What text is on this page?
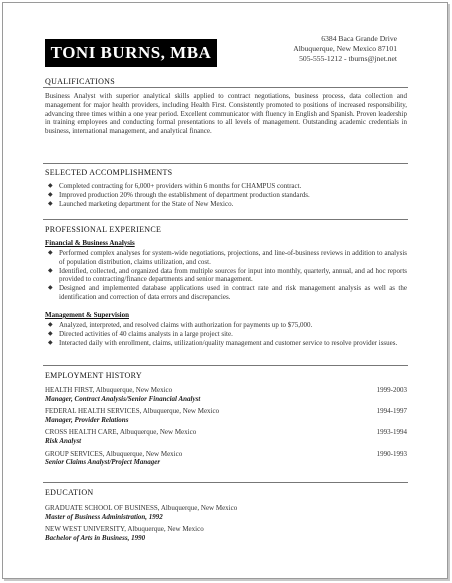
TONI BURNS, MBA
6384 Baca Grande Drive
Albuquerque, New Mexico 87101
505-555-1212 - tburns@jnet.net
QUALIFICATIONS
Business Analyst with superior analytical skills applied to contract negotiations, business process, data collection and management for major health providers, including Health First. Consistently promoted to positions of increased responsibility, advancing three times within a one year period. Excellent communicator with fluency in English and Spanish. Proven leadership in training employees and conducting formal presentations to all levels of management. Outstanding academic credentials in business, international management, and analytical finance.
SELECTED ACCOMPLISHMENTS
◆ Completed contracting for 6,000+ providers within 6 months for CHAMPUS contract.
◆ Improved production 20% through the establishment of department production standards.
◆ Launched marketing department for the State of New Mexico.
PROFESSIONAL EXPERIENCE
Financial & Business Analysis
◆ Performed complex analyses for system-wide negotiations, projections, and line-of-business reviews in addition to analysis of population distribution, claims utilization, and cost.
◆ Identified, collected, and organized data from multiple sources for input into monthly, quarterly, annual, and ad hoc reports provided to contracting/finance departments and senior management.
◆ Designed and implemented database applications used in contract rate and risk management analysis as well as the identification and correction of data errors and discrepancies.
Management & Supervision
◆ Analyzed, interpreted, and resolved claims with authorization for payments up to $75,000.
◆ Directed activities of 40 claims analysts in a large project site.
◆ Interacted daily with enrollment, claims, utilization/quality management and customer service to resolve provider issues.
EMPLOYMENT HISTORY
HEALTH FIRST, Albuquerque, New Mexico	1999-2003
Manager, Contract Analysis/Senior Financial Analyst
FEDERAL HEALTH SERVICES, Albuquerque, New Mexico	1994-1997
Manager, Provider Relations
CROSS HEALTH CARE, Albuquerque, New Mexico	1993-1994
Risk Analyst
GROUP SERVICES, Albuquerque, New Mexico	1990-1993
Senior Claims Analyst/Project Manager
EDUCATION
GRADUATE SCHOOL OF BUSINESS, Albuquerque, New Mexico
Master of Business Administration, 1992
NEW WEST UNIVERSITY, Albuquerque, New Mexico
Bachelor of Arts in Business, 1990
